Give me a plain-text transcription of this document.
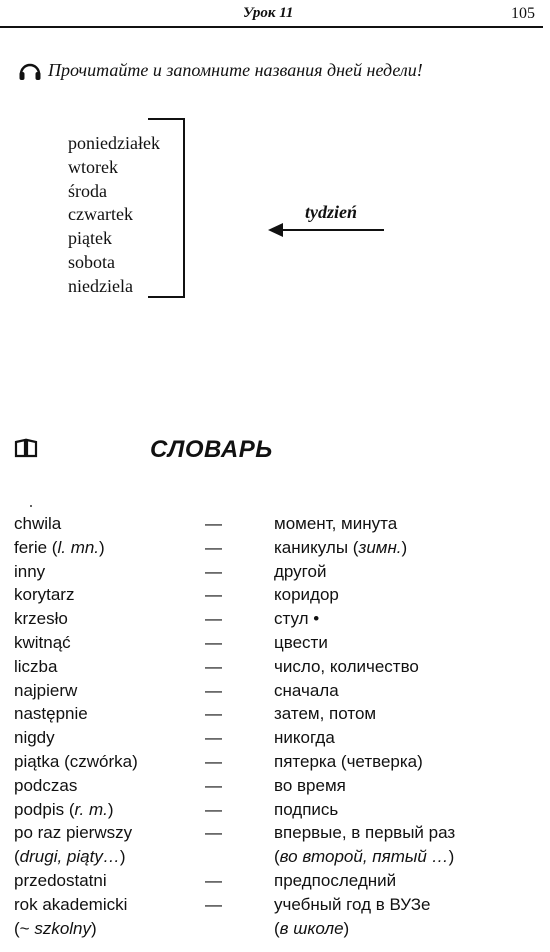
Урок 11	105
Прочитайте и запомните названия дней недели!
poniedziałek
wtorek
środa
czwartek
piątek
sobota
niedziela
tydzień
СЛОВАРЬ
chwila	—	момент, минута
ferie (l. mn.)	—	каникулы (зимн.)
inny	—	другой
korytarz	—	коридор
krzesło	—	стул •
kwitnąć	—	цвести
liczba	—	число, количество
najpierw	—	сначала
następnie	—	затем, потом
nigdy	—	никогда
piątka (czwórka)	—	пятерка (четверка)
podczas	—	во время
podpis (r. m.)	—	подпись
po raz pierwszy	—	впервые, в первый раз
(drugi, piąty…)	(во второй, пятый …)
przedostatni	—	предпоследний
rok akademicki	—	учебный год в ВУЗе
(~ szkolny)	(в школе)
